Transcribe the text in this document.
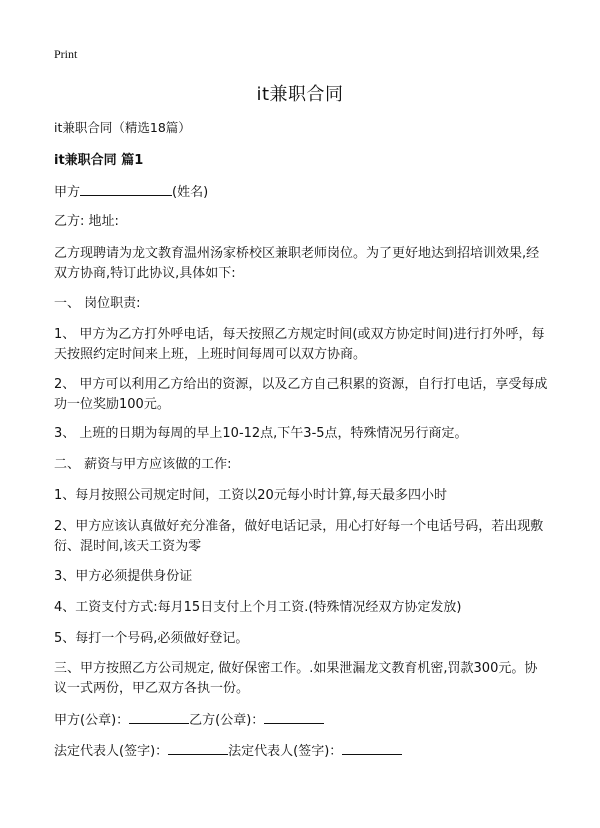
Print
it兼职合同
it兼职合同（精选18篇）
it兼职合同 篇1
甲方	(姓名)
乙方: 地址:
乙方现聘请为龙文教育温州汤家桥校区兼职老师岗位。为了更好地达到招培训效果,经双方协商,特订此协议,具体如下:
一、 岗位职责:
1、 甲方为乙方打外呼电话，每天按照乙方规定时间(或双方协定时间)进行打外呼，每天按照约定时间来上班，上班时间每周可以双方协商。
2、 甲方可以利用乙方给出的资源，以及乙方自己积累的资源，自行打电话，享受每成功一位奖励100元。
3、 上班的日期为每周的早上10-12点,下午3-5点，特殊情况另行商定。
二、 薪资与甲方应该做的工作:
1、每月按照公司规定时间，工资以20元每小时计算,每天最多四小时
2、甲方应该认真做好充分准备，做好电话记录，用心打好每一个电话号码，若出现敷衍、混时间,该天工资为零
3、甲方必须提供身份证
4、工资支付方式:每月15日支付上个月工资.(特殊情况经双方协定发放)
5、每打一个号码,必须做好登记。
三、甲方按照乙方公司规定, 做好保密工作。.如果泄漏龙文教育机密,罚款300元。协议一式两份，甲乙双方各执一份。
甲方(公章)：	乙方(公章)：
法定代表人(签字)：	法定代表人(签字)：
